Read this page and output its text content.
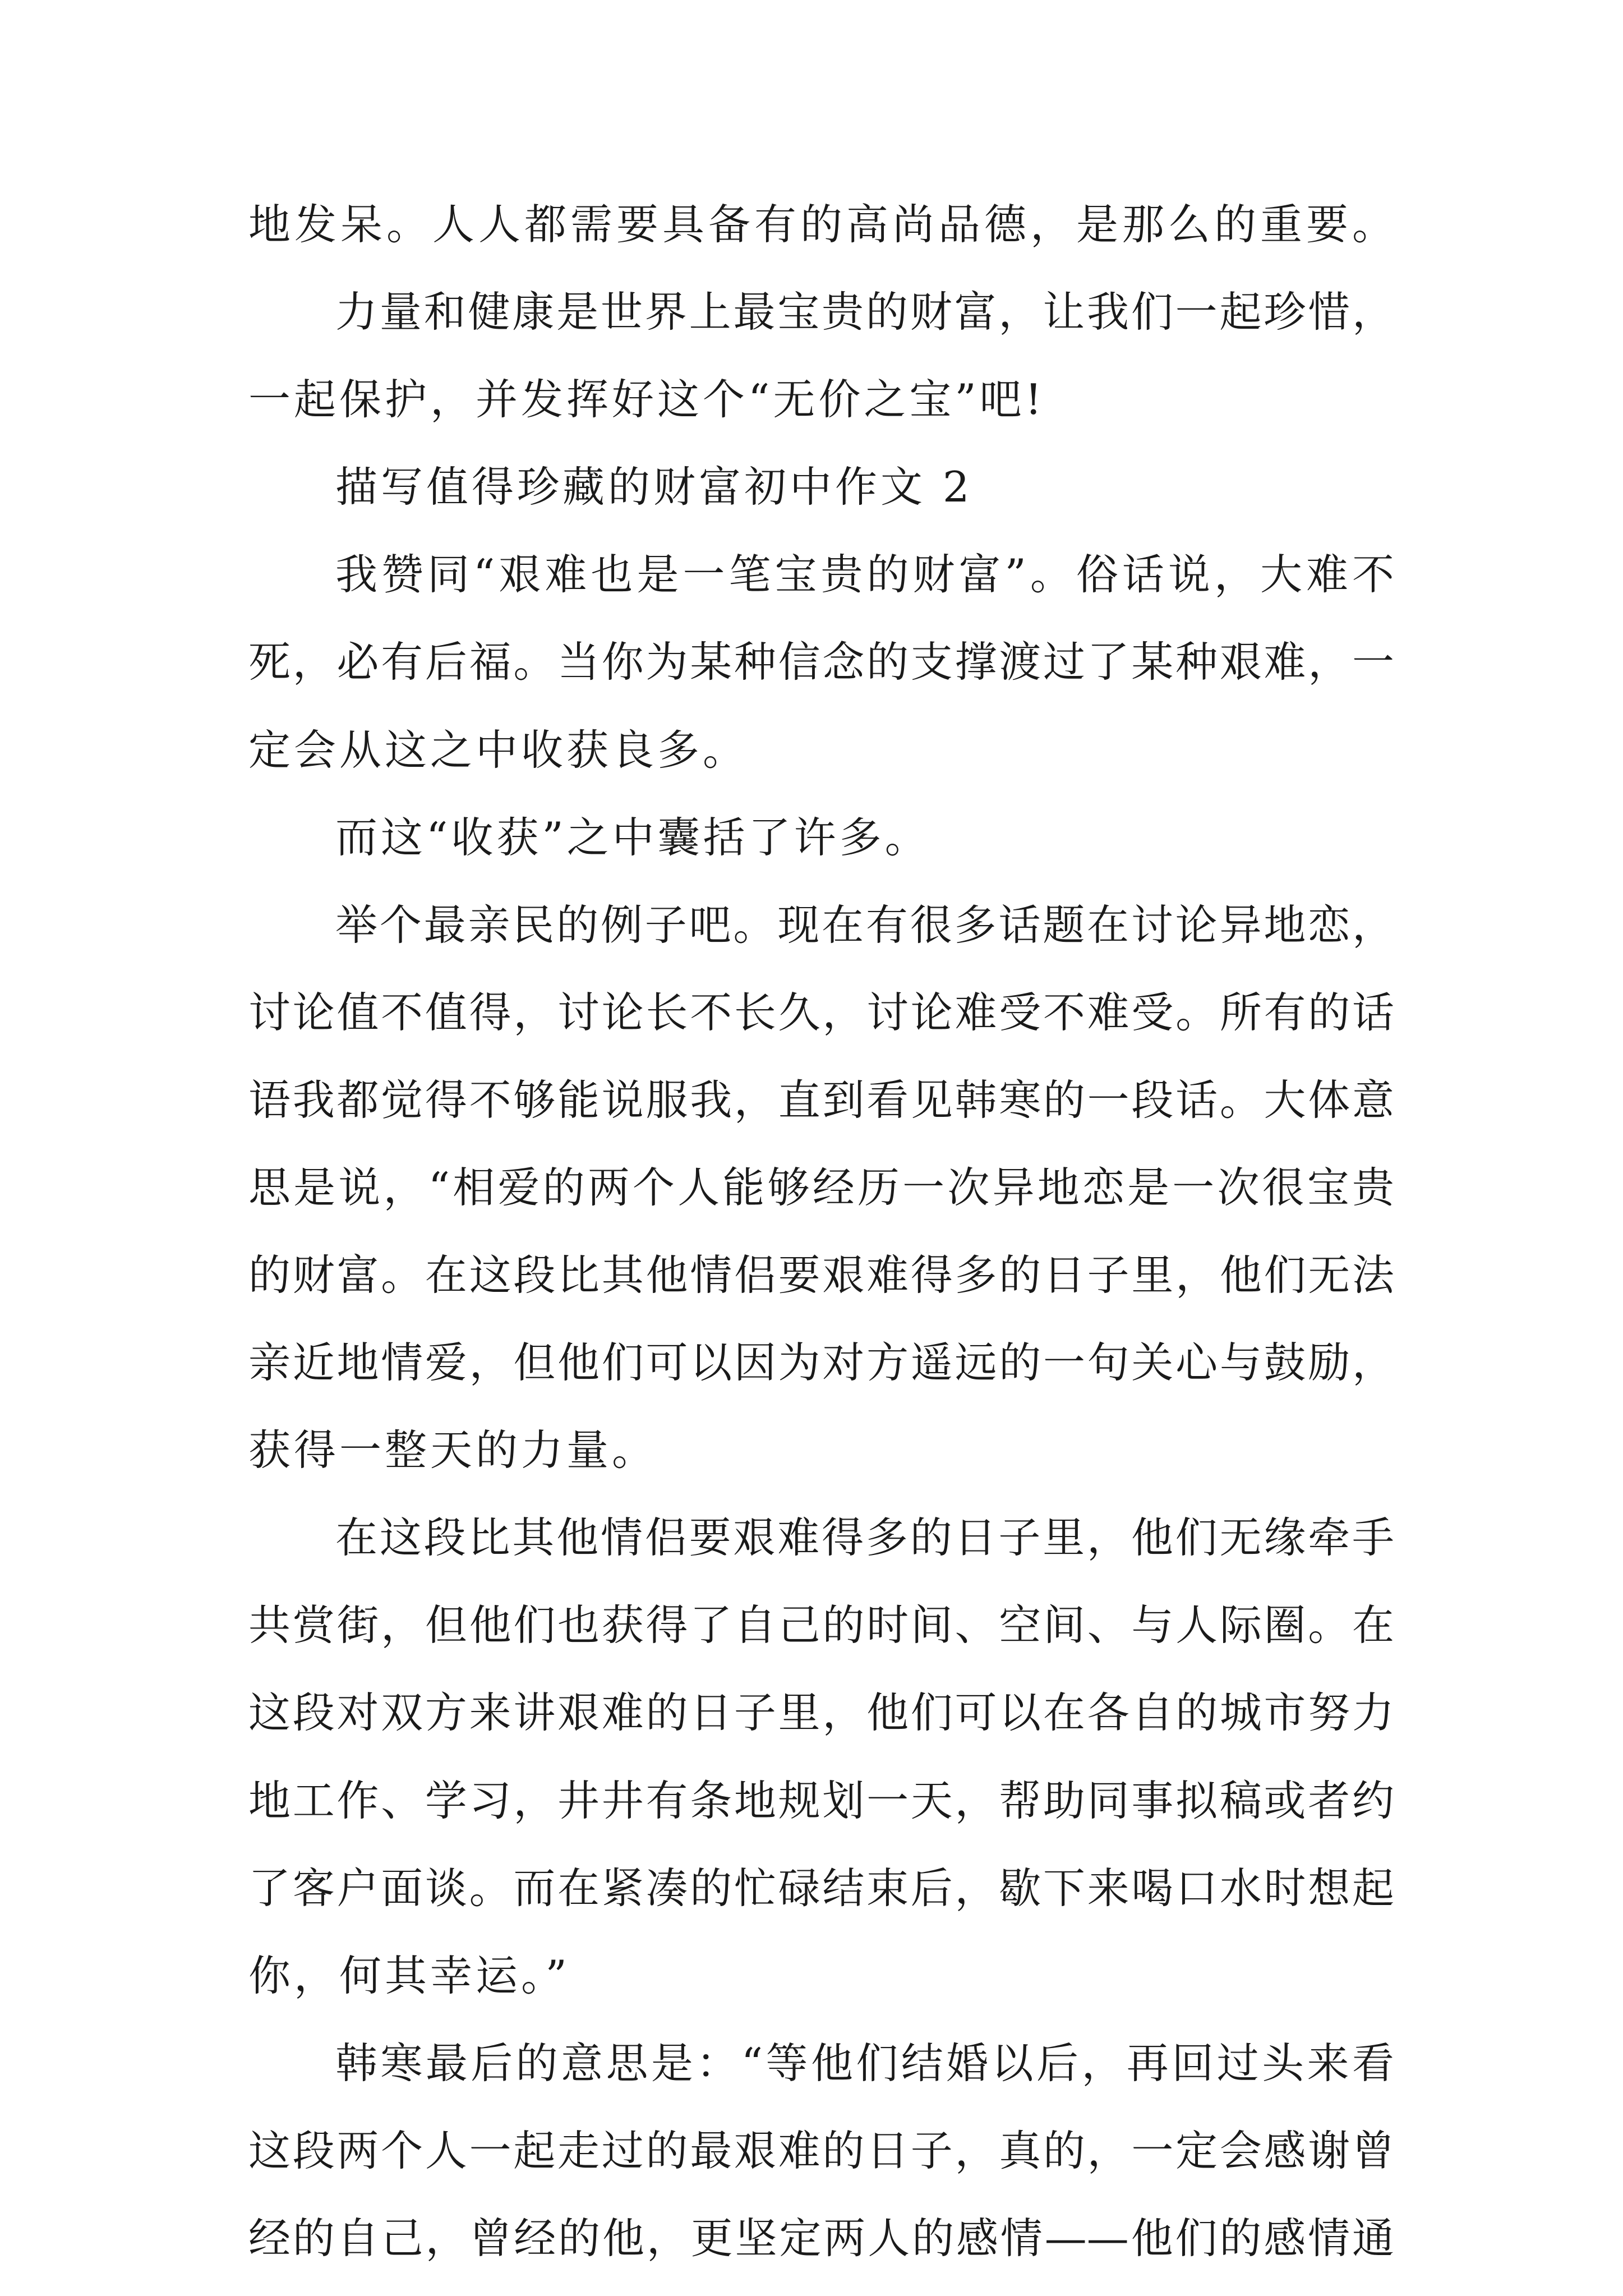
地发呆。人人都需要具备有的高尚品德，是那么的重要。
力量和健康是世界上最宝贵的财富，让我们一起珍惜，
一起保护，并发挥好这个“无价之宝”吧!
描写值得珍藏的财富初中作文 2
我赞同“艰难也是一笔宝贵的财富”。俗话说，大难不
死，必有后福。当你为某种信念的支撑渡过了某种艰难，一
定会从这之中收获良多。
而这“收获”之中囊括了许多。
举个最亲民的例子吧。现在有很多话题在讨论异地恋，
讨论值不值得，讨论长不长久，讨论难受不难受。所有的话
语我都觉得不够能说服我，直到看见韩寒的一段话。大体意
思是说，“相爱的两个人能够经历一次异地恋是一次很宝贵
的财富。在这段比其他情侣要艰难得多的日子里，他们无法
亲近地情爱，但他们可以因为对方遥远的一句关心与鼓励，
获得一整天的力量。
在这段比其他情侣要艰难得多的日子里，他们无缘牵手
共赏街，但他们也获得了自己的时间、空间、与人际圈。在
这段对双方来讲艰难的日子里，他们可以在各自的城市努力
地工作、学习，井井有条地规划一天，帮助同事拟稿或者约
了客户面谈。而在紧凑的忙碌结束后，歇下来喝口水时想起
你，何其幸运。”
韩寒最后的意思是：“等他们结婚以后，再回过头来看
这段两个人一起走过的最艰难的日子，真的，一定会感谢曾
经的自己，曾经的他，更坚定两人的感情——他们的感情通
